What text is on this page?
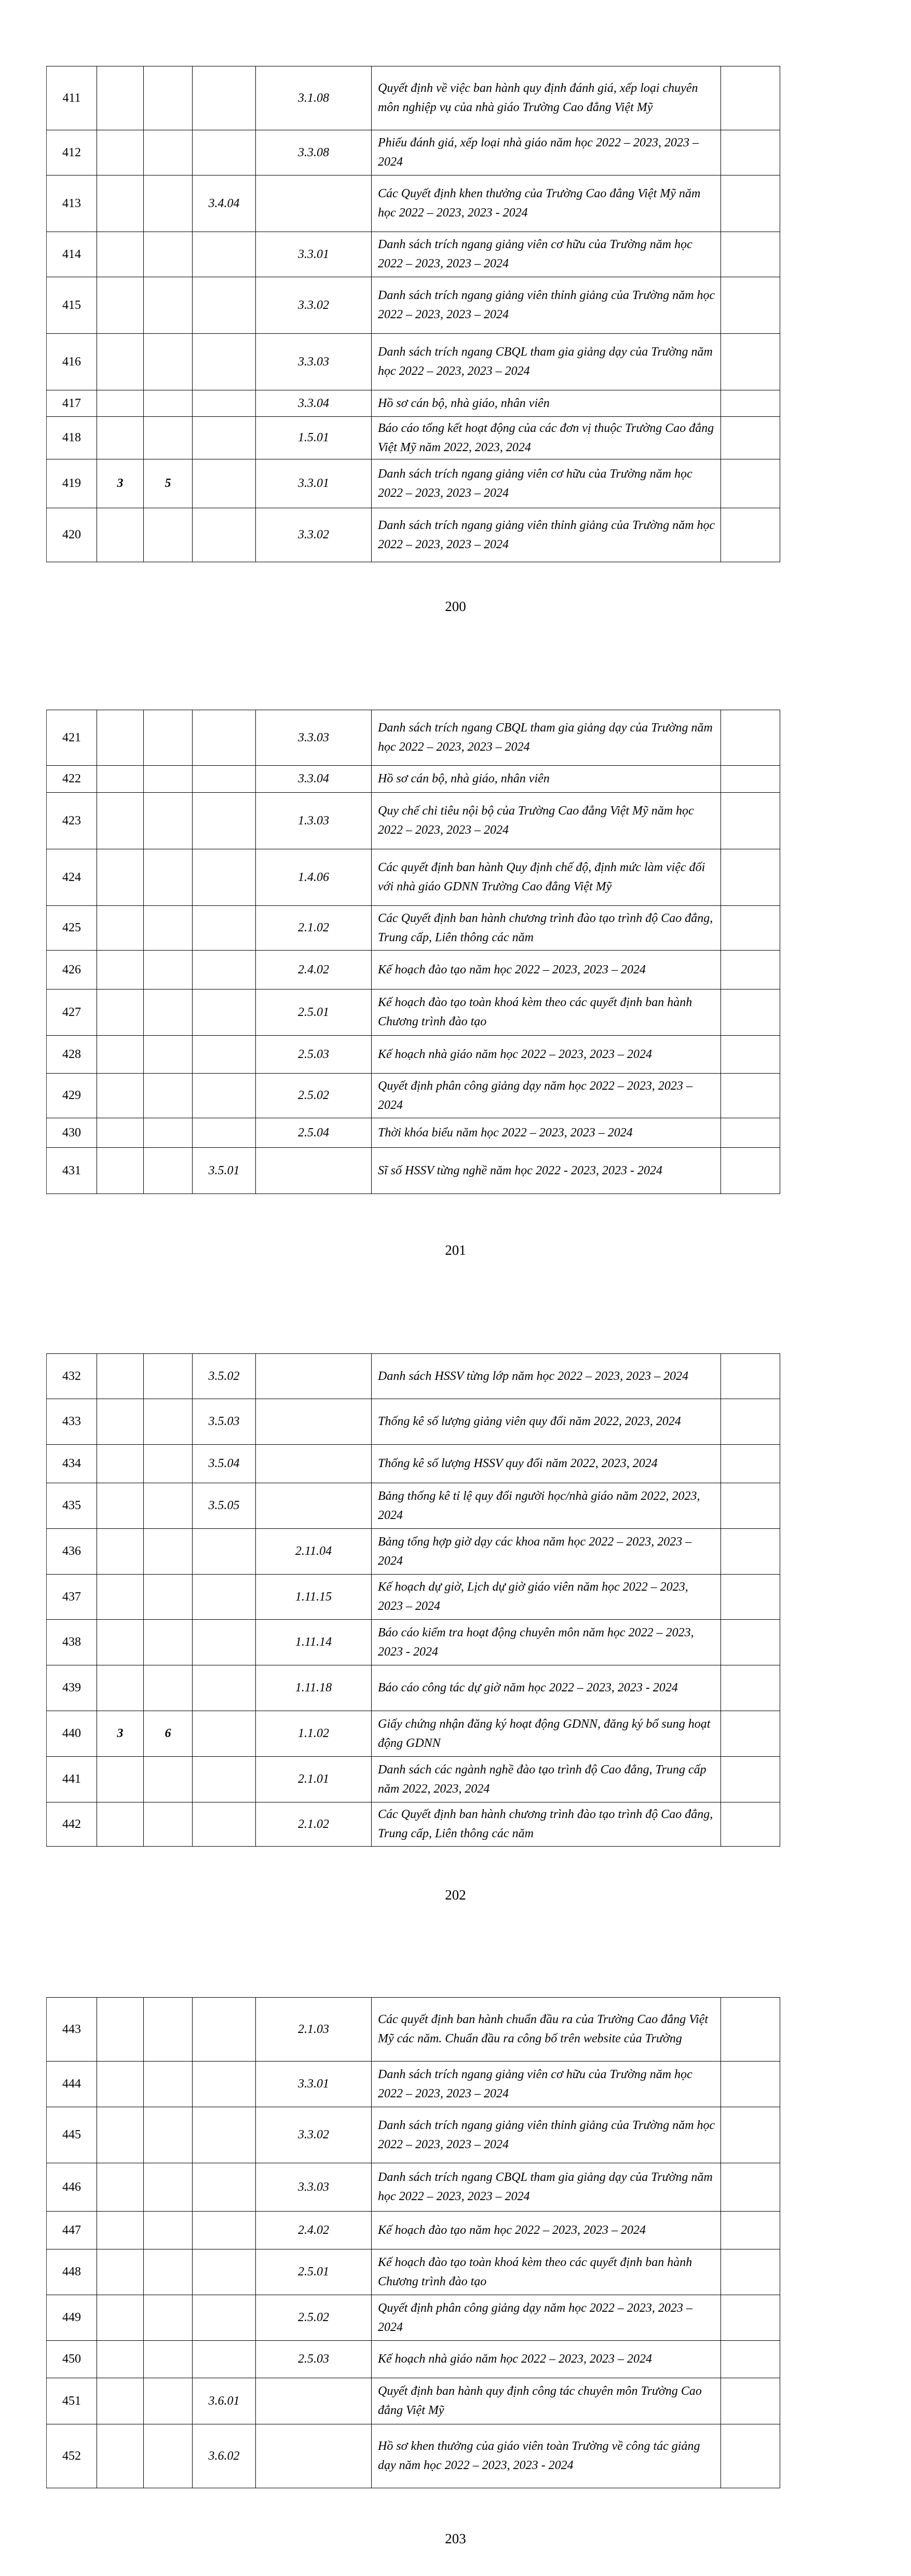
411				3.1.08	Quyết định về việc ban hành quy định đánh giá, xếp loại chuyên môn nghiệp vụ của nhà giáo Trường Cao đẳng Việt Mỹ	
412				3.3.08	Phiếu đánh giá, xếp loại nhà giáo năm học 2022 – 2023, 2023 – 2024	
413			3.4.04		Các Quyết định khen thưởng của Trường Cao đẳng Việt Mỹ năm học 2022 – 2023, 2023 - 2024	
414				3.3.01	Danh sách trích ngang giảng viên cơ hữu của Trường năm học 2022 – 2023, 2023 – 2024	
415				3.3.02	Danh sách trích ngang giảng viên thỉnh giảng của Trường năm học 2022 – 2023, 2023 – 2024	
416				3.3.03	Danh sách trích ngang CBQL tham gia giảng dạy của Trường năm học 2022 – 2023, 2023 – 2024	
417				3.3.04	Hồ sơ cán bộ, nhà giáo, nhân viên	
418				1.5.01	Báo cáo tổng kết hoạt động của các đơn vị thuộc Trường Cao đẳng Việt Mỹ năm 2022, 2023, 2024	
419	3	5		3.3.01	Danh sách trích ngang giảng viên cơ hữu của Trường năm học 2022 – 2023, 2023 – 2024	
420				3.3.02	Danh sách trích ngang giảng viên thỉnh giảng của Trường năm học 2022 – 2023, 2023 – 2024	
200
421				3.3.03	Danh sách trích ngang CBQL tham gia giảng dạy của Trường năm học 2022 – 2023, 2023 – 2024	
422				3.3.04	Hồ sơ cán bộ, nhà giáo, nhân viên	
423				1.3.03	Quy chế chi tiêu nội bộ của Trường Cao đẳng Việt Mỹ năm học 2022 – 2023, 2023 – 2024	
424				1.4.06	Các quyết định ban hành Quy định chế độ, định mức làm việc đối với nhà giáo GDNN Trường Cao đẳng Việt Mỹ	
425				2.1.02	Các Quyết định ban hành chương trình đào tạo trình độ Cao đẳng, Trung cấp, Liên thông các năm	
426				2.4.02	Kế hoạch đào tạo năm học 2022 – 2023, 2023 – 2024	
427				2.5.01	Kế hoạch đào tạo toàn khoá kèm theo các quyết định ban hành Chương trình đào tạo	
428				2.5.03	Kế hoạch nhà giáo năm học 2022 – 2023, 2023 – 2024	
429				2.5.02	Quyết định phân công giảng dạy năm học 2022 – 2023, 2023 – 2024	
430				2.5.04	Thời khóa biểu năm học 2022 – 2023, 2023 – 2024	
431			3.5.01		Sĩ số HSSV từng nghề năm học 2022 - 2023, 2023 - 2024	
201
432			3.5.02		Danh sách HSSV từng lớp năm học 2022 – 2023, 2023 – 2024	
433			3.5.03		Thống kê số lượng giảng viên quy đổi năm 2022, 2023, 2024	
434			3.5.04		Thống kê số lượng HSSV quy đổi năm 2022, 2023, 2024	
435			3.5.05		Bảng thống kê tỉ lệ quy đổi người học/nhà giáo năm 2022, 2023, 2024	
436				2.11.04	Bảng tổng hợp giờ dạy các khoa năm học 2022 – 2023, 2023 – 2024	
437				1.11.15	Kế hoạch dự giờ, Lịch dự giờ giáo viên năm học 2022 – 2023, 2023 – 2024	
438				1.11.14	Báo cáo kiểm tra hoạt động chuyên môn năm học 2022 – 2023, 2023 - 2024	
439				1.11.18	Báo cáo công tác dự giờ năm học 2022 – 2023, 2023 - 2024	
440	3	6		1.1.02	Giấy chứng nhận đăng ký hoạt động GDNN, đăng ký bổ sung hoạt động GDNN	
441				2.1.01	Danh sách các ngành nghề đào tạo trình độ Cao đẳng, Trung cấp năm 2022, 2023, 2024	
442				2.1.02	Các Quyết định ban hành chương trình đào tạo trình độ Cao đẳng, Trung cấp, Liên thông các năm	
202
443				2.1.03	Các quyết định ban hành chuẩn đầu ra của Trường Cao đẳng Việt Mỹ các năm. Chuẩn đầu ra công bố trên website của Trường	
444				3.3.01	Danh sách trích ngang giảng viên cơ hữu của Trường năm học 2022 – 2023, 2023 – 2024	
445				3.3.02	Danh sách trích ngang giảng viên thỉnh giảng của Trường năm học 2022 – 2023, 2023 – 2024	
446				3.3.03	Danh sách trích ngang CBQL tham gia giảng dạy của Trường năm học 2022 – 2023, 2023 – 2024	
447				2.4.02	Kế hoạch đào tạo năm học 2022 – 2023, 2023 – 2024	
448				2.5.01	Kế hoạch đào tạo toàn khoá kèm theo các quyết định ban hành Chương trình đào tạo	
449				2.5.02	Quyết định phân công giảng dạy năm học 2022 – 2023, 2023 – 2024	
450				2.5.03	Kế hoạch nhà giáo năm học 2022 – 2023, 2023 – 2024	
451			3.6.01		Quyết định ban hành quy định công tác chuyên môn Trường Cao đẳng Việt Mỹ	
452			3.6.02		Hồ sơ khen thưởng của giáo viên toàn Trường về công tác giảng dạy năm học 2022 – 2023, 2023 - 2024	
203
